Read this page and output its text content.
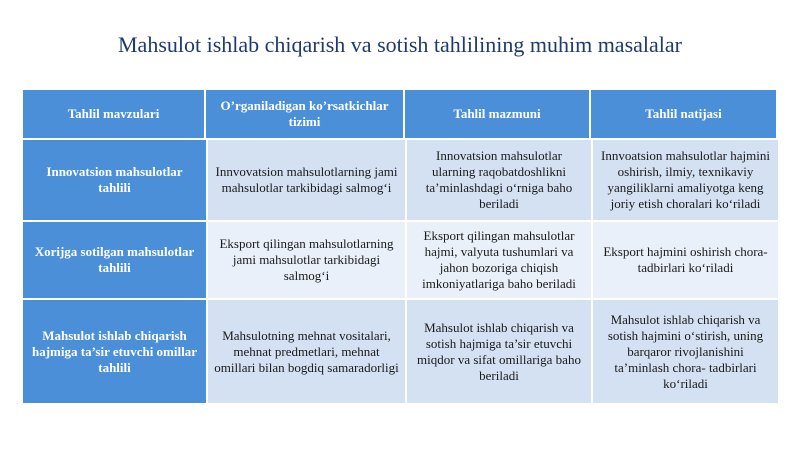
Mahsulot ishlab chiqarish va sotish tahlilining muhim masalalar
Tahlil mavzulari
O’rganiladigan ko’rsatkichlar tizimi
Tahlil mazmuni	Tahlil natijasi
Innovatsion mahsulotlar tahlili
Innvovatsion mahsulotlarning jami mahsulotlar tarkibidagi salmog‘i
Innovatsion mahsulotlar ularning raqobatdoshlikni ta’minlashdagi o‘rniga baho beriladi
Innvoatsion mahsulotlar hajmini oshirish, ilmiy, texnikaviy yangiliklarni amaliyotga keng joriy etish choralari ko‘riladi
Xorijga sotilgan mahsulotlar tahlili
Eksport qilingan mahsulotlarning jami mahsulotlar tarkibidagi salmog‘i
Eksport qilingan mahsulotlar hajmi, valyuta tushumlari va jahon bozoriga chiqish imkoniyatlariga baho beriladi
Eksport hajmini oshirish chora- tadbirlari ko‘riladi
Mahsulot ishlab chiqarish hajmiga ta’sir etuvchi omillar tahlili
Mahsulotning mehnat vositalari, mehnat predmetlari, mehnat omillari bilan bogdiq samaradorligi
Mahsulot ishlab chiqarish va sotish hajmiga ta’sir etuvchi miqdor va sifat omillariga baho beriladi
Mahsulot ishlab chiqarish va sotish hajmini o‘stirish, uning barqaror rivojlanishini ta’minlash chora- tadbirlari ko‘riladi
